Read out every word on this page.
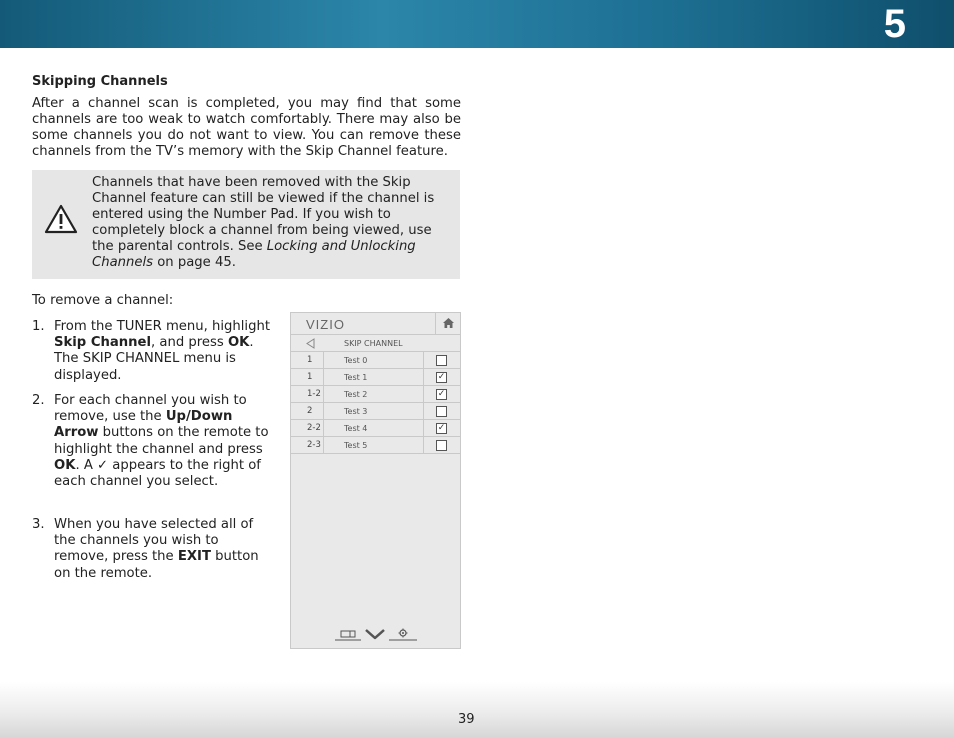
5
Skipping Channels
After a channel scan is completed, you may find that some channels are too weak to watch comfortably. There may also be some channels you do not want to view. You can remove these channels from the TV’s memory with the Skip Channel feature.
Channels that have been removed with the Skip Channel feature can still be viewed if the channel is entered using the Number Pad. If you wish to completely block a channel from being viewed, use the parental controls. See Locking and Unlocking Channels on page 45.
To remove a channel:
1. From the TUNER menu, highlight Skip Channel, and press OK. The SKIP CHANNEL menu is displayed.
2. For each channel you wish to remove, use the Up/Down Arrow buttons on the remote to highlight the channel and press OK. A ✓ appears to the right of each channel you select.
3. When you have selected all of the channels you wish to remove, press the EXIT button on the remote.
VIZIO
SKIP CHANNEL
1	Test 0
1	Test 1	✓
1-2	Test 2	✓
2	Test 3
2-2	Test 4	✓
2-3	Test 5
39
